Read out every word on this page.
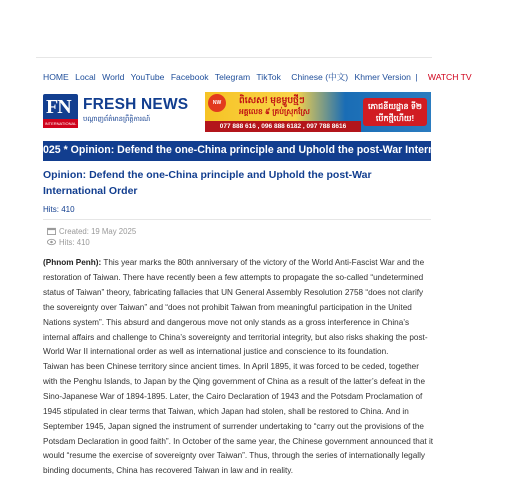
HOME Local World YouTube Facebook Telegram TikTok Chinese (中文) Khmer Version | WATCH TV
FN
INTERNATIONAL
FRESH NEWS
បណ្ដាញព័ត៌មានព្រឹត្តិការណ៍
NW	ពិសេស! មុខម្ហូបថ្មីៗ
អគ្គលេខ ៩ គ្រប់ស្រុកស្រែ
077 888 616 , 096 888 6182 , 097 788 8616
ភោជនីយដ្ឋាន ទី២
បើកថ្មីហើយ!
025 * Opinion: Defend the one-China principle and Uphold the post-War International Order * C
Opinion: Defend the one-China principle and Uphold the post-War International Order
Hits: 410
Created: 19 May 2025
Hits: 410
(Phnom Penh): This year marks the 80th anniversary of the victory of the World Anti-Fascist War and the restoration of Taiwan. There have recently been a few attempts to propagate the so-called “undetermined status of Taiwan” theory, fabricating fallacies that UN General Assembly Resolution 2758 “does not clarify the sovereignty over Taiwan” and “does not prohibit Taiwan from meaningful participation in the United Nations system”. This absurd and dangerous move not only stands as a gross interference in China’s internal affairs and challenge to China’s sovereignty and territorial integrity, but also risks shaking the post-World War II international order as well as international justice and conscience to its foundation.
Taiwan has been Chinese territory since ancient times. In April 1895, it was forced to be ceded, together with the Penghu Islands, to Japan by the Qing government of China as a result of the latter’s defeat in the Sino-Japanese War of 1894-1895. Later, the Cairo Declaration of 1943 and the Potsdam Proclamation of 1945 stipulated in clear terms that Taiwan, which Japan had stolen, shall be restored to China. And in September 1945, Japan signed the instrument of surrender undertaking to “carry out the provisions of the Potsdam Declaration in good faith”. In October of the same year, the Chinese government announced that it would “resume the exercise of sovereignty over Taiwan”. Thus, through the series of internationally legally binding documents, China has recovered Taiwan in law and in reality.
